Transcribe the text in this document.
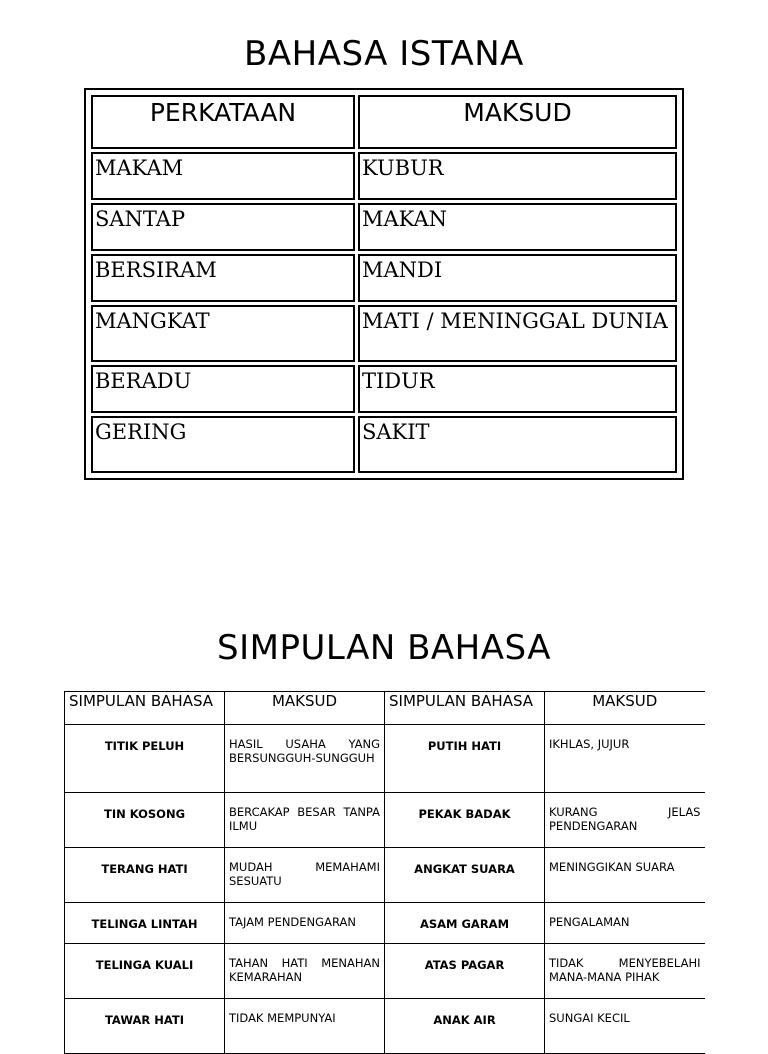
BAHASA ISTANA
PERKATAAN	MAKSUD
MAKAM	KUBUR
SANTAP	MAKAN
BERSIRAM	MANDI
MANGKAT	MATI / MENINGGAL DUNIA
BERADU	TIDUR
GERING	SAKIT
SIMPULAN BAHASA
SIMPULAN BAHASA	MAKSUD	SIMPULAN BAHASA	MAKSUD
TITIK PELUH	HASIL USAHA YANG BERSUNGGUH-SUNGGUH	PUTIH HATI	IKHLAS, JUJUR
TIN KOSONG	BERCAKAP BESAR TANPA ILMU	PEKAK BADAK	KURANG JELAS PENDENGARAN
TERANG HATI	MUDAH MEMAHAMI SESUATU	ANGKAT SUARA	MENINGGIKAN SUARA
TELINGA LINTAH	TAJAM PENDENGARAN	ASAM GARAM	PENGALAMAN
TELINGA KUALI	TAHAN HATI MENAHAN KEMARAHAN	ATAS PAGAR	TIDAK MENYEBELAHI MANA-MANA PIHAK
TAWAR HATI	TIDAK MEMPUNYAI	ANAK AIR	SUNGAI KECIL
